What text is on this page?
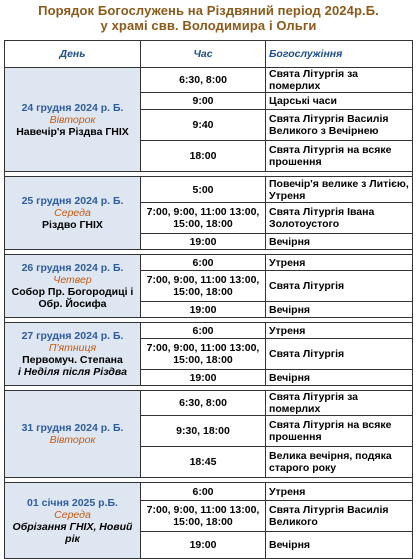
Порядок Богослужень на Різдвяний період 2024р.Б.
у храмі свв. Володимира і Ольги
День	Час	Богослужіння

24 грудня 2024 р. Б.
Вівторок
Навечір'я Різдва ГНІХ	6:30, 8:00	Свята Літургія за померлих
	9:00	Царські часи
	9:40	Свята Літургія Василія Великого з Вечірнею
	18:00	Свята Літургія на всяке прошення

25 грудня 2024 р. Б.
Середа
Різдво ГНІХ	5:00	Повечір'я велике з Литією, Утреня
	7:00, 9:00, 11:00 13:00, 15:00, 18:00	Свята Літургія Івана Золотоустого
	19:00	Вечірня

26 грудня 2024 р. Б.
Четвер
Собор Пр. Богородиці і Обр. Йосифа	6:00	Утреня
	7:00, 9:00, 11:00 13:00, 15:00, 18:00	Свята Літургія
	19:00	Вечірня

27 грудня 2024 р. Б.
П'ятниця
Первомуч. Степана
і Неділя після Різдва	6:00	Утреня
	7:00, 9:00, 11:00 13:00, 15:00, 18:00	Свята Літургія
	19:00	Вечірня

31 грудня 2024 р. Б.
Вівторок	6:30, 8:00	Свята Літургія за померлих
	9:30, 18:00	Свята Літургія на всяке прошення
	18:45	Велика вечірня, подяка старого року

01 січня 2025 р.Б.
Середа
Обрізання ГНІХ, Новий рік	6:00	Утреня
	7:00, 9:00, 11:00 13:00, 15:00, 18:00	Свята Літургія Василія Великого
	19:00	Вечірня
